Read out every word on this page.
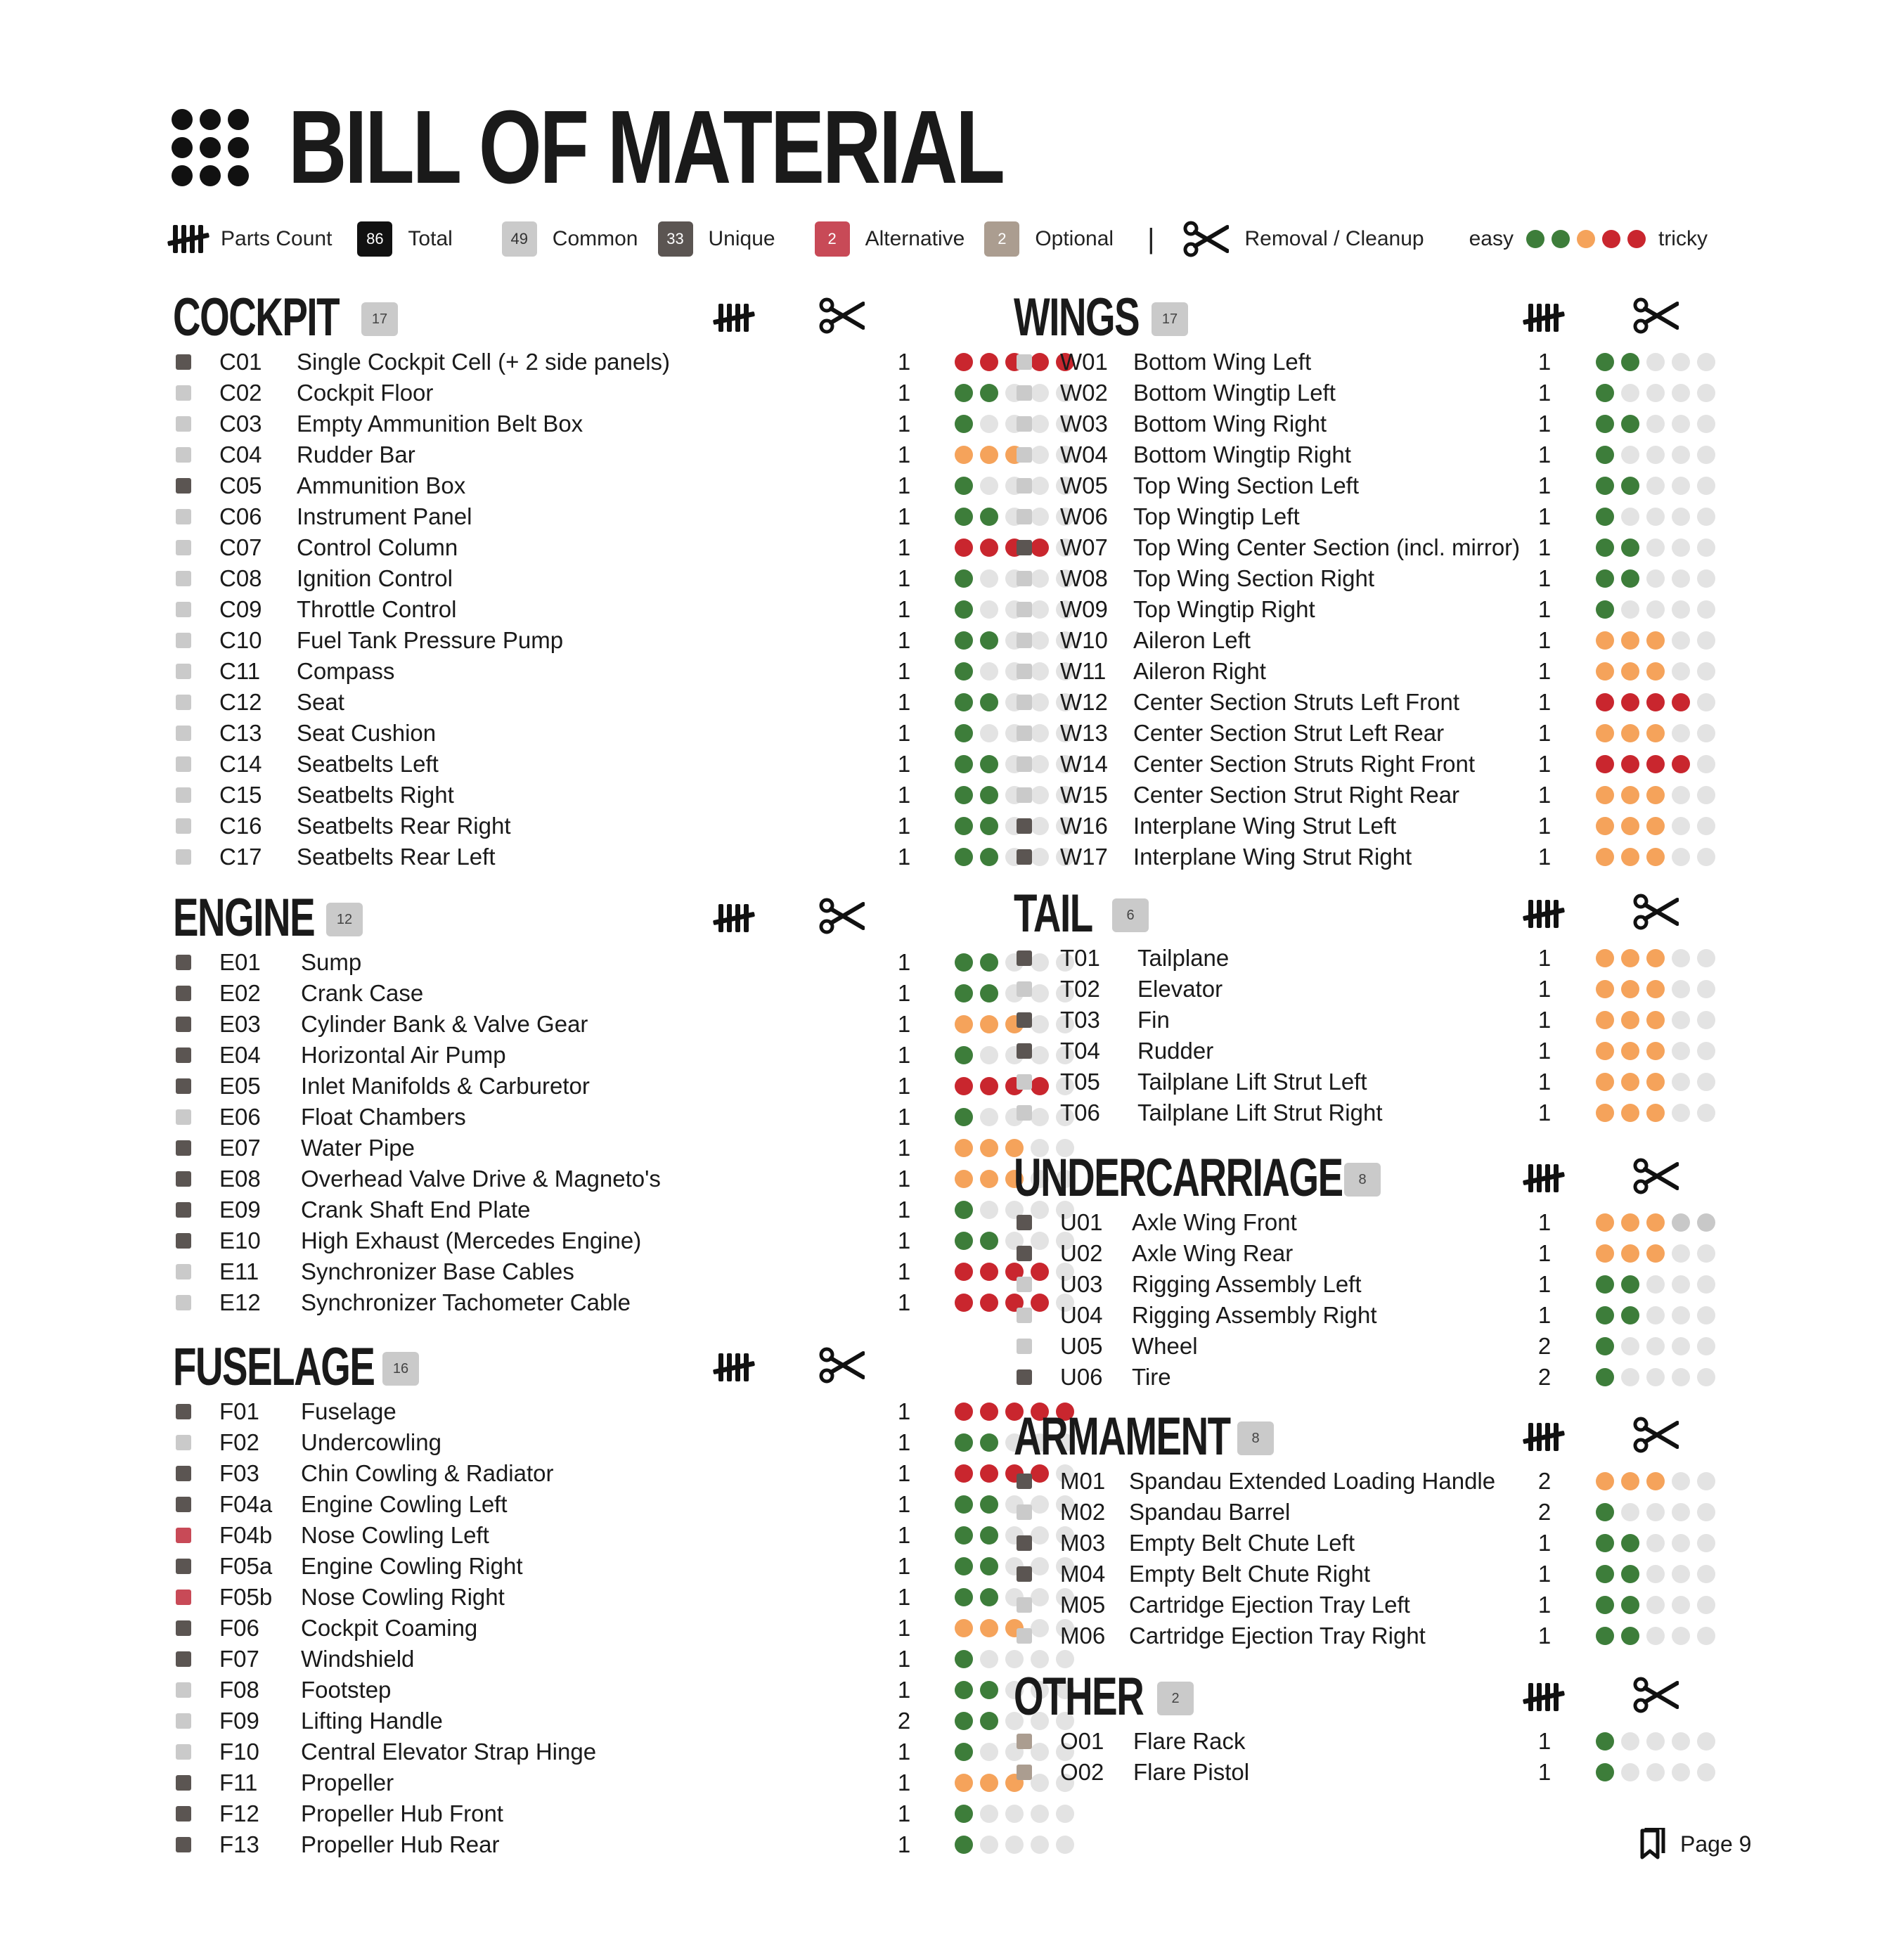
BILL OF MATERIAL
Parts Count	86	Total	49	Common	33	Unique	2	Alternative	2	Optional |	Removal / Cleanup easy	tricky
COCKPIT	17
C01 Single Cockpit Cell (+ 2 side panels)	1
C02 Cockpit Floor	1
C03 Empty Ammunition Belt Box	1
C04 Rudder Bar	1
C05 Ammunition Box	1
C06 Instrument Panel	1
C07 Control Column	1
C08 Ignition Control	1
C09 Throttle Control	1
C10 Fuel Tank Pressure Pump	1
C11 Compass	1
C12 Seat	1
C13 Seat Cushion	1
C14 Seatbelts Left	1
C15 Seatbelts Right	1
C16 Seatbelts Rear Right	1
C17 Seatbelts Rear Left	1
ENGINE	12
E01 Sump	1
E02 Crank Case	1
E03 Cylinder Bank & Valve Gear	1
E04 Horizontal Air Pump	1
E05 Inlet Manifolds & Carburetor	1
E06 Float Chambers	1
E07 Water Pipe	1
E08 Overhead Valve Drive & Magneto's	1
E09 Crank Shaft End Plate	1
E10 High Exhaust (Mercedes Engine)	1
E11 Synchronizer Base Cables	1
E12 Synchronizer Tachometer Cable	1
FUSELAGE	16
F01 Fuselage	1
F02 Undercowling	1
F03 Chin Cowling & Radiator	1
F04a Engine Cowling Left	1
F04b Nose Cowling Left	1
F05a Engine Cowling Right	1
F05b Nose Cowling Right	1
F06 Cockpit Coaming	1
F07 Windshield	1
F08 Footstep	1
F09 Lifting Handle	2
F10 Central Elevator Strap Hinge	1
F11 Propeller	1
F12 Propeller Hub Front	1
F13 Propeller Hub Rear	1
WINGS	17
W01 Bottom Wing Left	1
W02 Bottom Wingtip Left	1
W03 Bottom Wing Right	1
W04 Bottom Wingtip Right	1
W05 Top Wing Section Left	1
W06 Top Wingtip Left	1
W07 Top Wing Center Section (incl. mirror) 1
W08 Top Wing Section Right	1
W09 Top Wingtip Right	1
W10 Aileron Left	1
W11 Aileron Right	1
W12 Center Section Struts Left Front	1
W13 Center Section Strut Left Rear	1
W14 Center Section Struts Right Front	1
W15 Center Section Strut Right Rear	1
W16 Interplane Wing Strut Left	1
W17 Interplane Wing Strut Right	1
TAIL	6
T01 Tailplane	1
T02 Elevator	1
T03 Fin	1
T04 Rudder	1
T05 Tailplane Lift Strut Left	1
T06 Tailplane Lift Strut Right	1
UNDERCARRIAGE	8
U01 Axle Wing Front	1
U02 Axle Wing Rear	1
U03 Rigging Assembly Left	1
U04 Rigging Assembly Right	1
U05 Wheel	2
U06 Tire	2
ARMAMENT	8
M01 Spandau Extended Loading Handle 2
M02 Spandau Barrel	2
M03 Empty Belt Chute Left	1
M04 Empty Belt Chute Right	1
M05 Cartridge Ejection Tray Left	1
M06 Cartridge Ejection Tray Right	1
OTHER	2
O01 Flare Rack	1
O02 Flare Pistol	1
Page 9
